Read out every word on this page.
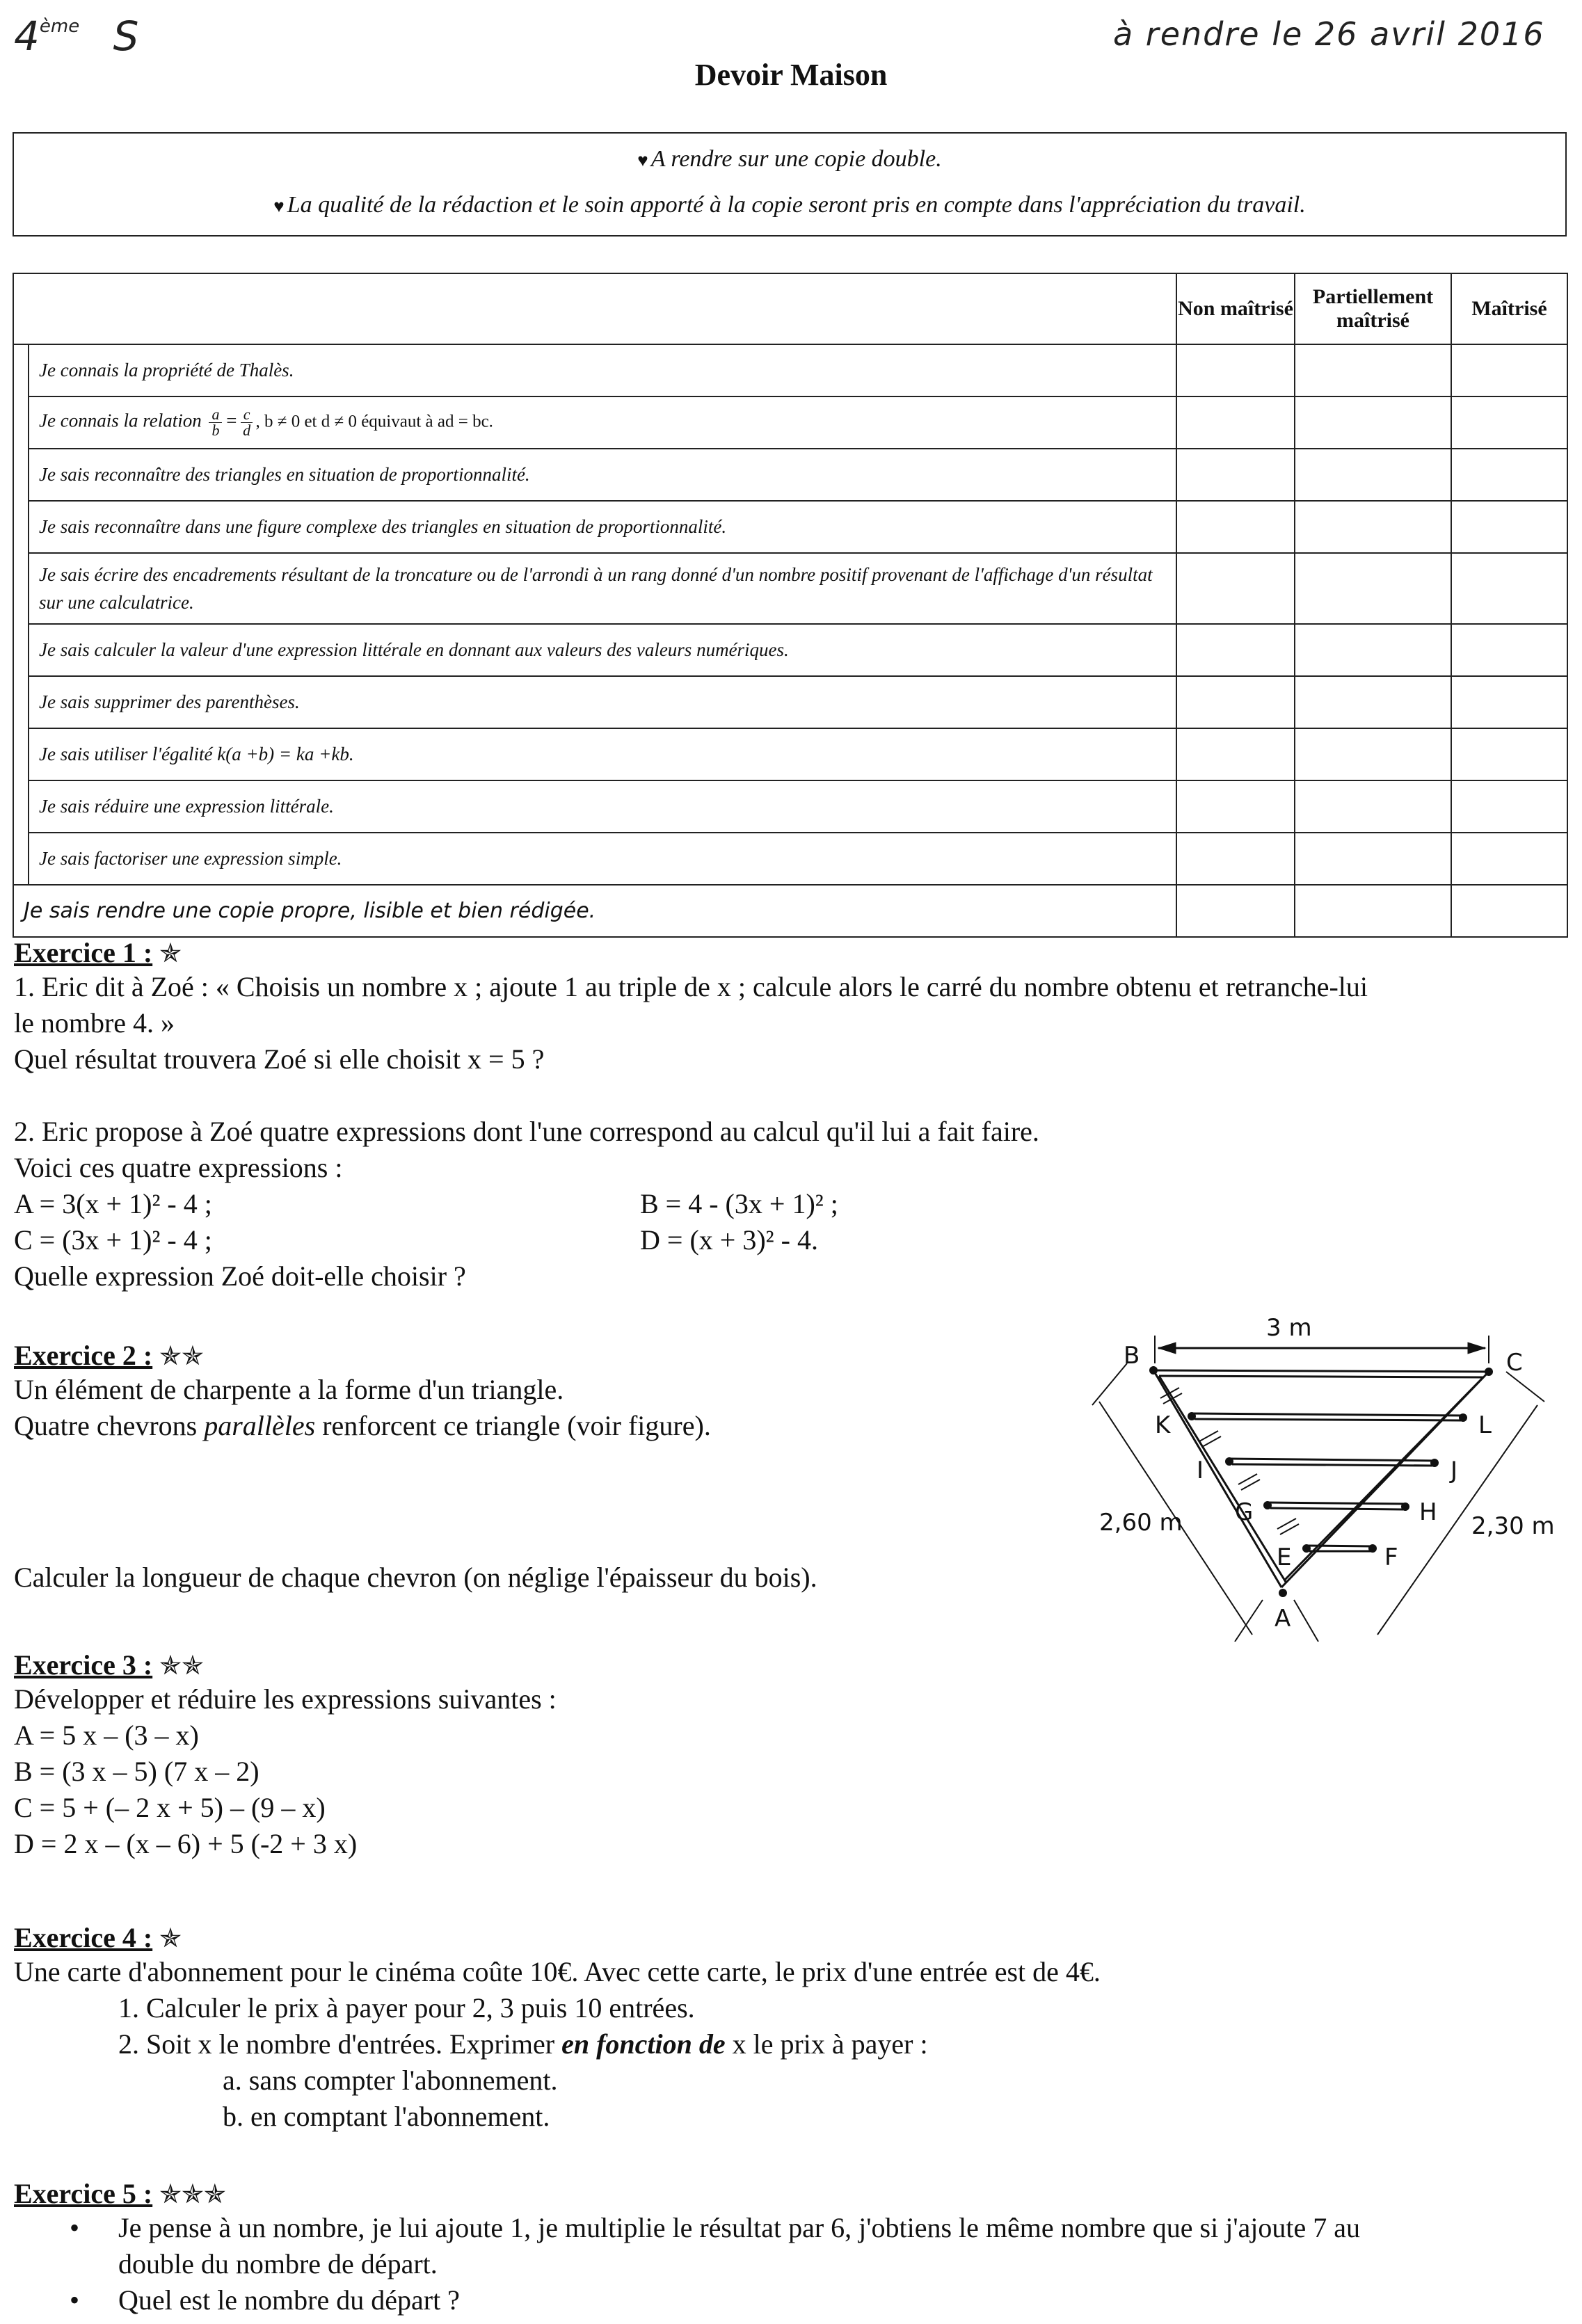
4ème S	à rendre le 26 avril 2016
Devoir Maison
♥ A rendre sur une copie double.
♥ La qualité de la rédaction et le soin apporté à la copie seront pris en compte dans l'appréciation du travail.
		Non maîtrisé	Partiellement maîtrisé	Maîtrisé
	Je connais la propriété de Thalès.			
	Je connais la relation $\frac{a}{b} = \frac{c}{d}$ , b ≠ 0 et d ≠ 0 équivaut à ad = bc.			
	Je sais reconnaître des triangles en situation de proportionnalité.			
	Je sais reconnaître dans une figure complexe des triangles en situation de proportionnalité.			
	Je sais écrire des encadrements résultant de la troncature ou de l'arrondi à un rang donné d'un nombre positif provenant de l'affichage d'un résultat sur une calculatrice.			
	Je sais calculer la valeur d'une expression littérale en donnant aux valeurs des valeurs numériques.			
	Je sais supprimer des parenthèses.			
	Je sais utiliser l'égalité k(a +b) = ka +kb.			
	Je sais réduire une expression littérale.			
	Je sais factoriser une expression simple.			
Je sais rendre une copie propre, lisible et bien rédigée.				
Exercice 1 : ✯
1. Eric dit à Zoé : « Choisis un nombre x ; ajoute 1 au triple de x ; calcule alors le carré du nombre obtenu et retranche-lui
le nombre 4. »
Quel résultat trouvera Zoé si elle choisit x = 5 ?
2. Eric propose à Zoé quatre expressions dont l'une correspond au calcul qu'il lui a fait faire.
Voici ces quatre expressions :
A = 3(x + 1)² - 4 ;	B = 4 - (3x + 1)² ;
C = (3x + 1)² - 4 ;	D = (x + 3)² - 4.
Quelle expression Zoé doit-elle choisir ?
Exercice 2 : ✯✯
Un élément de charpente a la forme d'un triangle.
Quatre chevrons parallèles renforcent ce triangle (voir figure).
Calculer la longueur de chaque chevron (on néglige l'épaisseur du bois).
3 m
2,60 m	2,30 m
B	C
K	L
I	J
G	H
E	F
A
Exercice 3 : ✯✯
Développer et réduire les expressions suivantes :
A = 5 x – (3 – x)
B = (3 x – 5) (7 x – 2)
C = 5 + (– 2 x + 5) – (9 – x)
D = 2 x – (x – 6) + 5 (-2 + 3 x)
Exercice 4 : ✯
Une carte d'abonnement pour le cinéma coûte 10€. Avec cette carte, le prix d'une entrée est de 4€.
1. Calculer le prix à payer pour 2, 3 puis 10 entrées.
2. Soit x le nombre d'entrées. Exprimer en fonction de x le prix à payer :
a. sans compter l'abonnement.
b. en comptant l'abonnement.
Exercice 5 : ✯✯✯
• Je pense à un nombre, je lui ajoute 1, je multiplie le résultat par 6, j'obtiens le même nombre que si j'ajoute 7 au
double du nombre de départ.
• Quel est le nombre du départ ?
